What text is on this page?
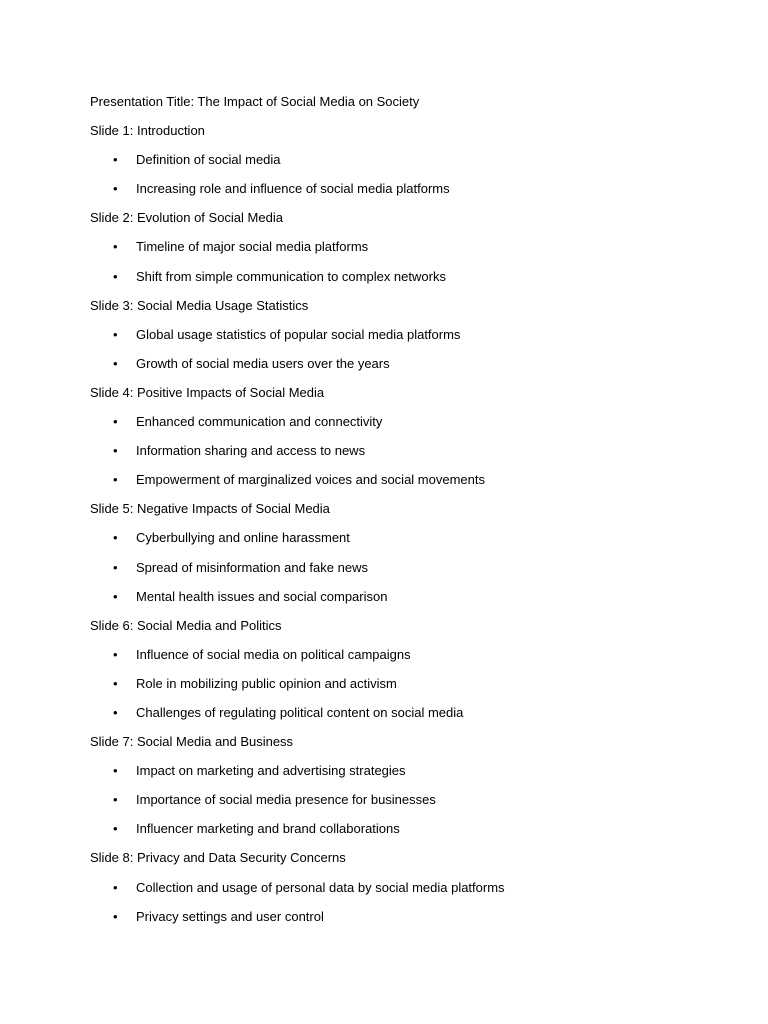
Presentation Title: The Impact of Social Media on Society
Slide 1: Introduction
• Definition of social media
• Increasing role and influence of social media platforms
Slide 2: Evolution of Social Media
• Timeline of major social media platforms
• Shift from simple communication to complex networks
Slide 3: Social Media Usage Statistics
• Global usage statistics of popular social media platforms
• Growth of social media users over the years
Slide 4: Positive Impacts of Social Media
• Enhanced communication and connectivity
• Information sharing and access to news
• Empowerment of marginalized voices and social movements
Slide 5: Negative Impacts of Social Media
• Cyberbullying and online harassment
• Spread of misinformation and fake news
• Mental health issues and social comparison
Slide 6: Social Media and Politics
• Influence of social media on political campaigns
• Role in mobilizing public opinion and activism
• Challenges of regulating political content on social media
Slide 7: Social Media and Business
• Impact on marketing and advertising strategies
• Importance of social media presence for businesses
• Influencer marketing and brand collaborations
Slide 8: Privacy and Data Security Concerns
• Collection and usage of personal data by social media platforms
• Privacy settings and user control
